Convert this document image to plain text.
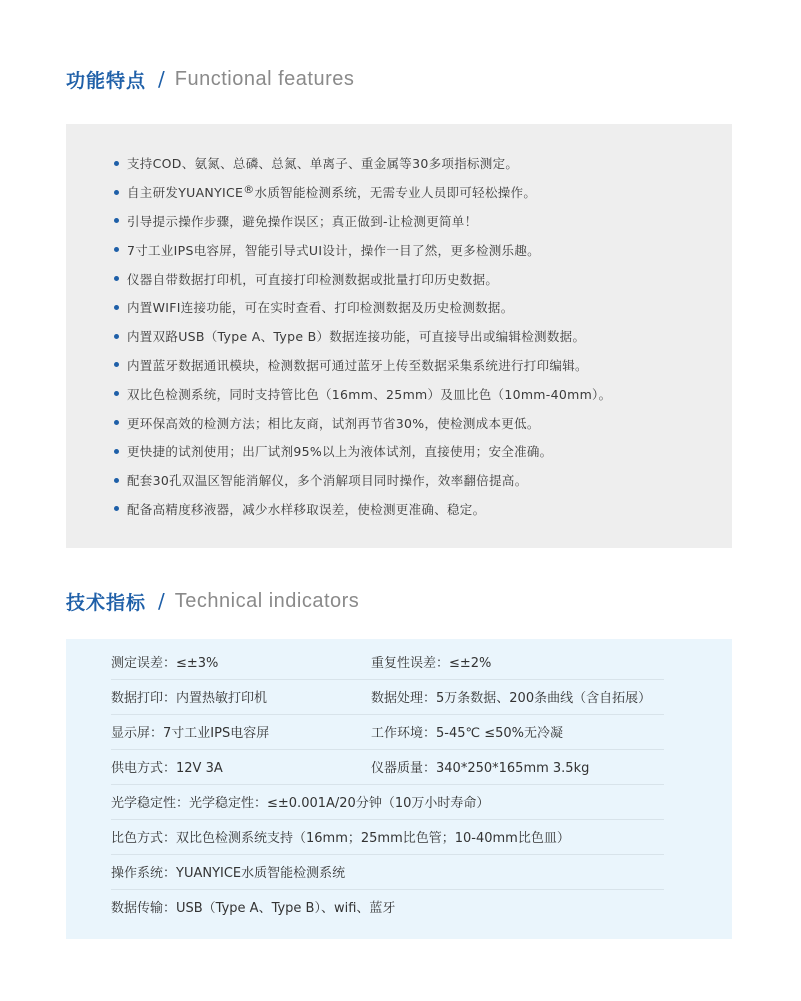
功能特点 / Functional features
支持COD、氨氮、总磷、总氮、单离子、重金属等30多项指标测定。
自主研发YUANYICE® 水质智能检测系统，无需专业人员即可轻松操作。
引导提示操作步骤，避免操作误区；真正做到-让检测更简单！
7寸工业IPS电容屏，智能引导式UI设计，操作一目了然，更多检测乐趣。
仪器自带数据打印机，可直接打印检测数据或批量打印历史数据。
内置WIFI连接功能，可在实时查看、打印检测数据及历史检测数据。
内置双路USB（Type A、Type B）数据连接功能，可直接导出或编辑检测数据。
内置蓝牙数据通讯模块，检测数据可通过蓝牙上传至数据采集系统进行打印编辑。
双比色检测系统，同时支持管比色（16mm、25mm）及皿比色（10mm-40mm）。
更环保高效的检测方法；相比友商，试剂再节省30%，使检测成本更低。
更快捷的试剂使用；出厂试剂95%以上为液体试剂，直接使用；安全准确。
配套30孔双温区智能消解仪，多个消解项目同时操作，效率翻倍提高。
配备高精度移液器，减少水样移取误差，使检测更准确、稳定。
技术指标 / Technical indicators
测定误差：≤±3%	重复性误差：≤±2%
数据打印：内置热敏打印机	数据处理：5万条数据、200条曲线（含自拓展）
显示屏：7寸工业IPS电容屏	工作环境：5-45℃ ≤50%无冷凝
供电方式：12V 3A	仪器质量：340*250*165mm 3.5kg
光学稳定性：光学稳定性：≤±0.001A/20分钟（10万小时寿命）
比色方式：双比色检测系统支持（16mm；25mm比色管；10-40mm比色皿）
操作系统：YUANYICE水质智能检测系统
数据传输：USB（Type A、Type B）、wifi、蓝牙
